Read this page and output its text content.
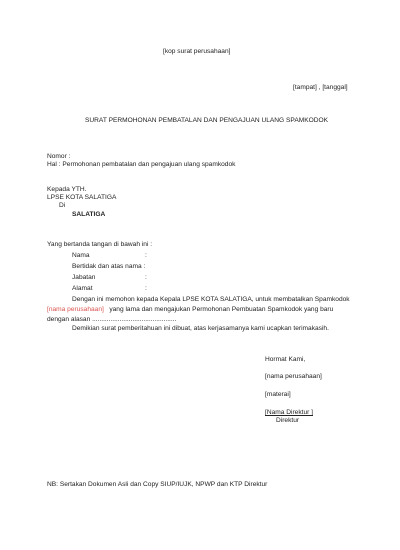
[kop surat perusahaan]
[tampat] , [tanggal]
SURAT PERMOHONAN PEMBATALAN DAN PENGAJUAN ULANG SPAMKODOK
Nomor :
Hal : Permohonan pembatalan dan pengajuan ulang spamkodok
Kepada YTH.
LPSE KOTA SALATIGA
Di
SALATIGA
Yang bertanda tangan di bawah ini :
Nama	:
Bertidak dan atas nama :
Jabatan	:
Alamat	:
Dengan ini memohon kepada Kepala LPSE KOTA SALATIGA, untuk membatalkan Spamkodok
[nama perusahaan] yang lama dan mengajukan Permohonan Pembuatan Spamkodok yang baru
dengan alasan ..............................................
Demikian surat pemberitahuan ini dibuat, atas kerjasamanya kami ucapkan terimakasih.
Hormat Kami,
[nama perusahaan]
[materai]
[Nama Direktur ]
Direktur
NB: Sertakan Dokumen Asli dan Copy SIUP/IUJK, NPWP dan KTP Direktur
